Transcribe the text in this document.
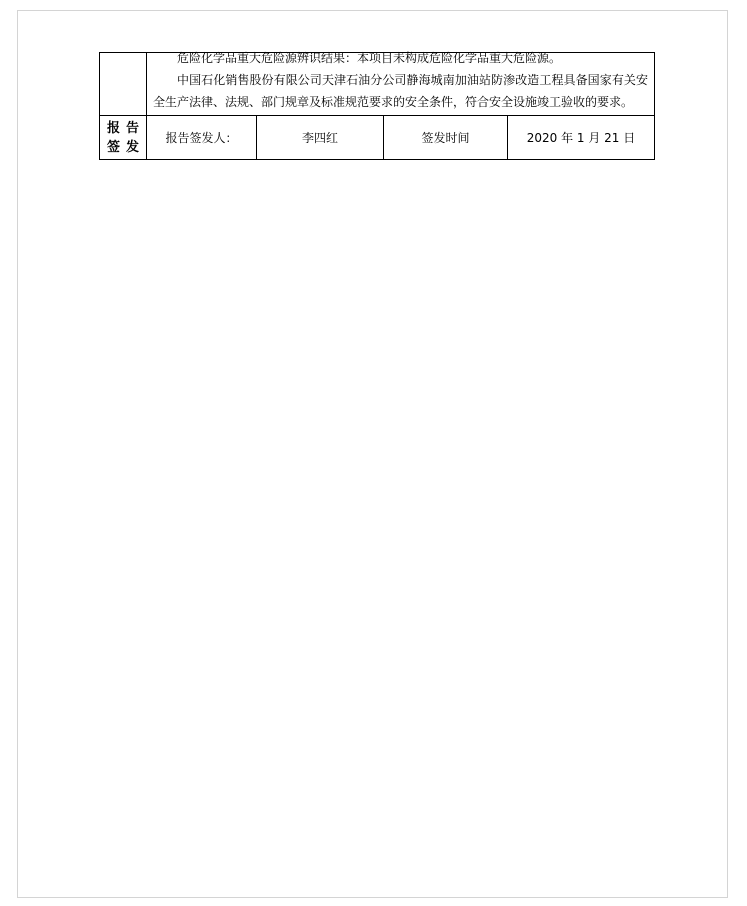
	危险化学品重大危险源辨识结果：本项目未构成危险化学品重大危险源。

中国石化销售股份有限公司天津石油分公司静海城南加油站防渗改造工程具备国家有关安全生产法律、法规、部门规章及标准规范要求的安全条件，符合安全设施竣工验收的要求。			

报告
签发	报告签发人：	李四红	签发时间	2020 年 1 月 21 日
